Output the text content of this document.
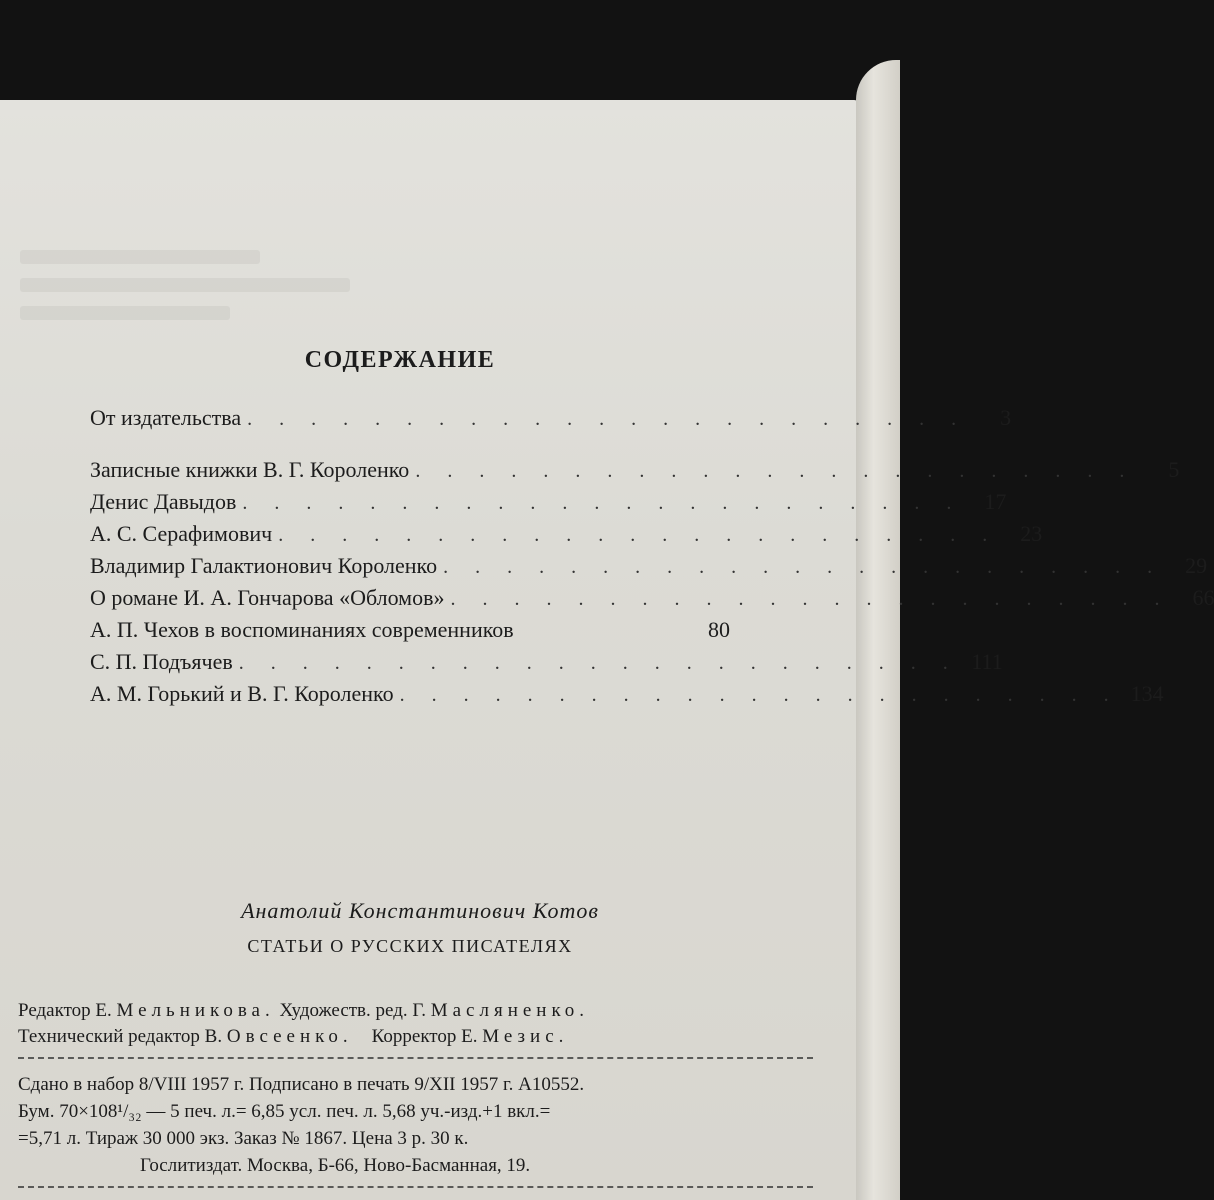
СОДЕРЖАНИЕ
От издательства . . . . . . . . . . . . . . . . . . . . . . .	3
Записные книжки В. Г. Короленко . . . . . . . . . . . . . . . . . . . . . . .	5
Денис Давыдов . . . . . . . . . . . . . . . . . . . . . . .	17
А. С. Серафимович . . . . . . . . . . . . . . . . . . . . . . .	23
Владимир Галактионович Короленко . . . . . . . . . . . . . . . . . . . . . . .	29
О романе И. А. Гончарова «Обломов» . . . . . . . . . . . . . . . . . . . . . . .	66
А. П. Чехов в воспоминаниях современников	80
С. П. Подъячев . . . . . . . . . . . . . . . . . . . . . . . 111
А. М. Горький и В. Г. Короленко . . . . . . . . . . . . . . . . . . . . . . . 134
Анатолий Константинович Котов
СТАТЬИ О РУССКИХ ПИСАТЕЛЯХ
Редактор Е. Мельникова. Художеств. ред. Г. Масляненко.
Технический редактор В. Овсеенко. Корректор Е. Мезис.
Сдано в набор 8/VIII 1957 г. Подписано в печать 9/XII 1957 г. А10552.
Бум. 70×108¹/₃₂ — 5 печ. л.= 6,85 усл. печ. л. 5,68 уч.-изд.+1 вкл.=
=5,71 л. Тираж 30 000 экз. Заказ № 1867. Цена 3 р. 30 к.
Гослитиздат. Москва, Б-66, Ново-Басманная, 19.
